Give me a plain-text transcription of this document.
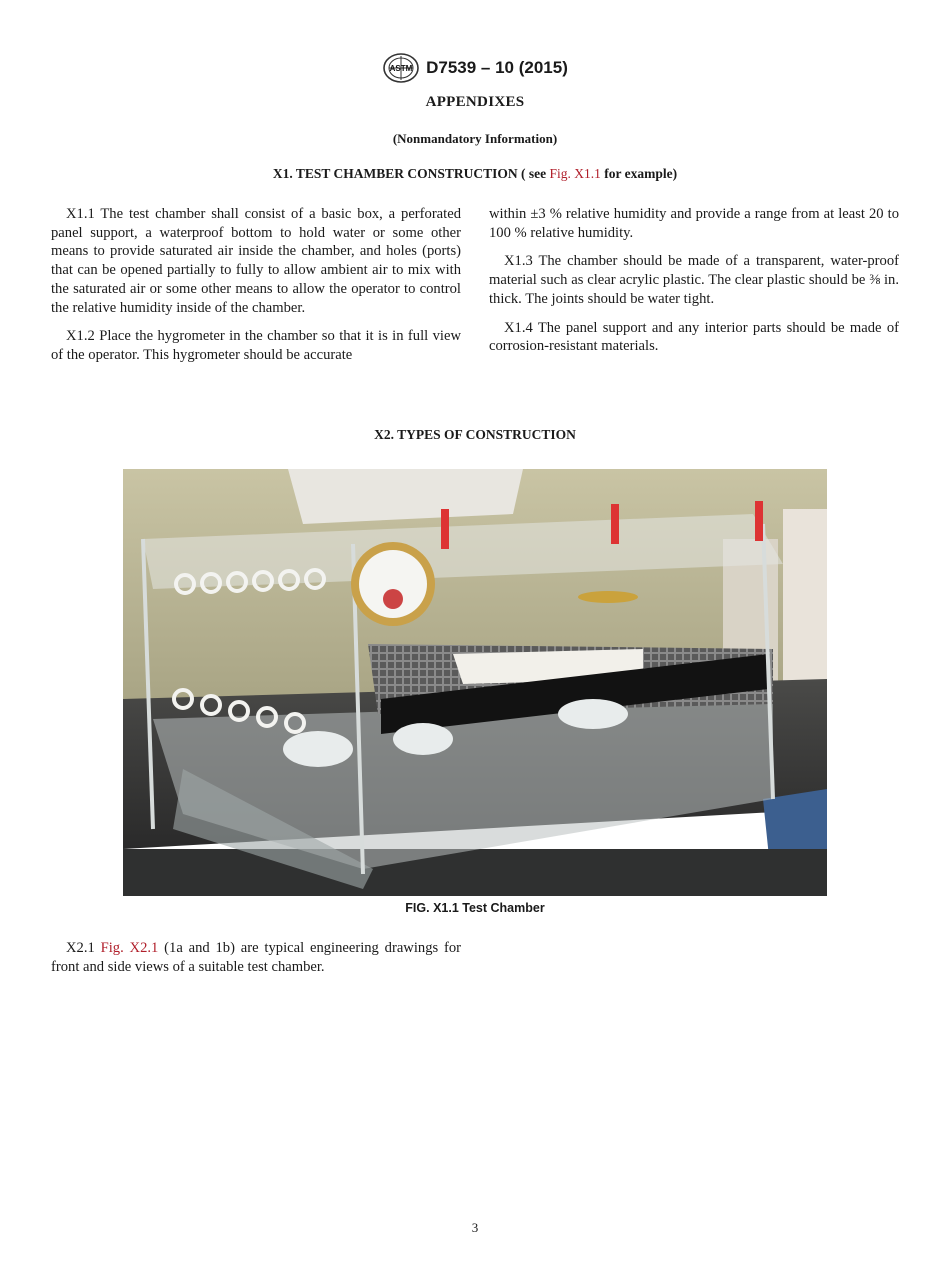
ASTM D7539 – 10 (2015)
APPENDIXES
(Nonmandatory Information)
X1. TEST CHAMBER CONSTRUCTION ( see Fig. X1.1 for example)

X1.1 The test chamber shall consist of a basic box, a perforated panel support, a waterproof bottom to hold water or some other means to provide saturated air inside the chamber, and holes (ports) that can be opened partially to fully to allow ambient air to mix with the saturated air or some other means to allow the operator to control the relative humidity inside of the chamber.

X1.2 Place the hygrometer in the chamber so that it is in full view of the operator. This hygrometer should be accurate

within ±3 % relative humidity and provide a range from at least 20 to 100 % relative humidity.

X1.3 The chamber should be made of a transparent, water-proof material such as clear acrylic plastic. The clear plastic should be ⅜ in. thick. The joints should be water tight.

X1.4 The panel support and any interior parts should be made of corrosion-resistant materials.

X2. TYPES OF CONSTRUCTION
FIG. X1.1 Test Chamber

X2.1 Fig. X2.1 (1a and 1b) are typical engineering drawings for front and side views of a suitable test chamber.

3
